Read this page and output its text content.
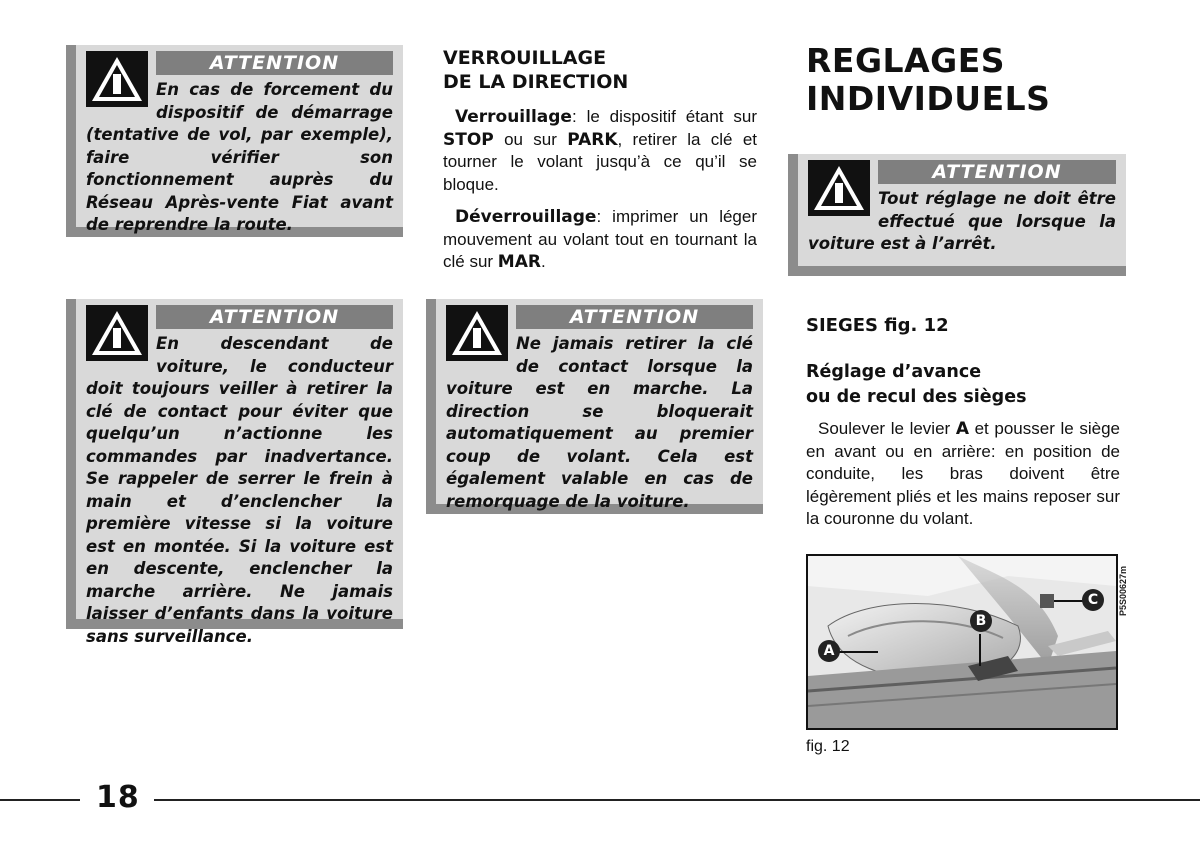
ATTENTION

En cas de forcement du dispositif de démarrage (tentative de vol, par exemple), faire vérifier son fonctionnement auprès du Réseau Après-vente Fiat avant de reprendre la route.

ATTENTION

En descendant de voiture, le conducteur doit toujours veiller à retirer la clé de contact pour éviter que quelqu’un n’actionne les commandes par inadvertance. Se rappeler de serrer le frein à main et d’enclencher la première vitesse si la voiture est en montée. Si la voiture est en descente, enclencher la marche arrière. Ne jamais laisser d’enfants dans la voiture sans surveillance.

ATTENTION

Ne jamais retirer la clé de contact lorsque la voiture est en marche. La direction se bloquerait automatiquement au premier coup de volant. Cela est également valable en cas de remorquage de la voiture.

VERROUILLAGE
DE LA DIRECTION

Verrouillage: le dispositif étant sur STOP ou sur PARK, retirer la clé et tourner le volant jusqu’à ce qu’il se bloque.

Déverrouillage: imprimer un léger mouvement au volant tout en tournant la clé sur MAR.

REGLAGES
INDIVIDUELS
ATTENTION

Tout réglage ne doit être effectué que lorsque la voiture est à l’arrêt.

SIEGES fig. 12
Réglage d’avance
ou de recul des sièges

Soulever le levier A et pousser le siège en avant ou en arrière: en position de conduite, les bras doivent être légèrement pliés et les mains reposer sur la couronne du volant.

A
B
C	P5S00627m
fig. 12
18
